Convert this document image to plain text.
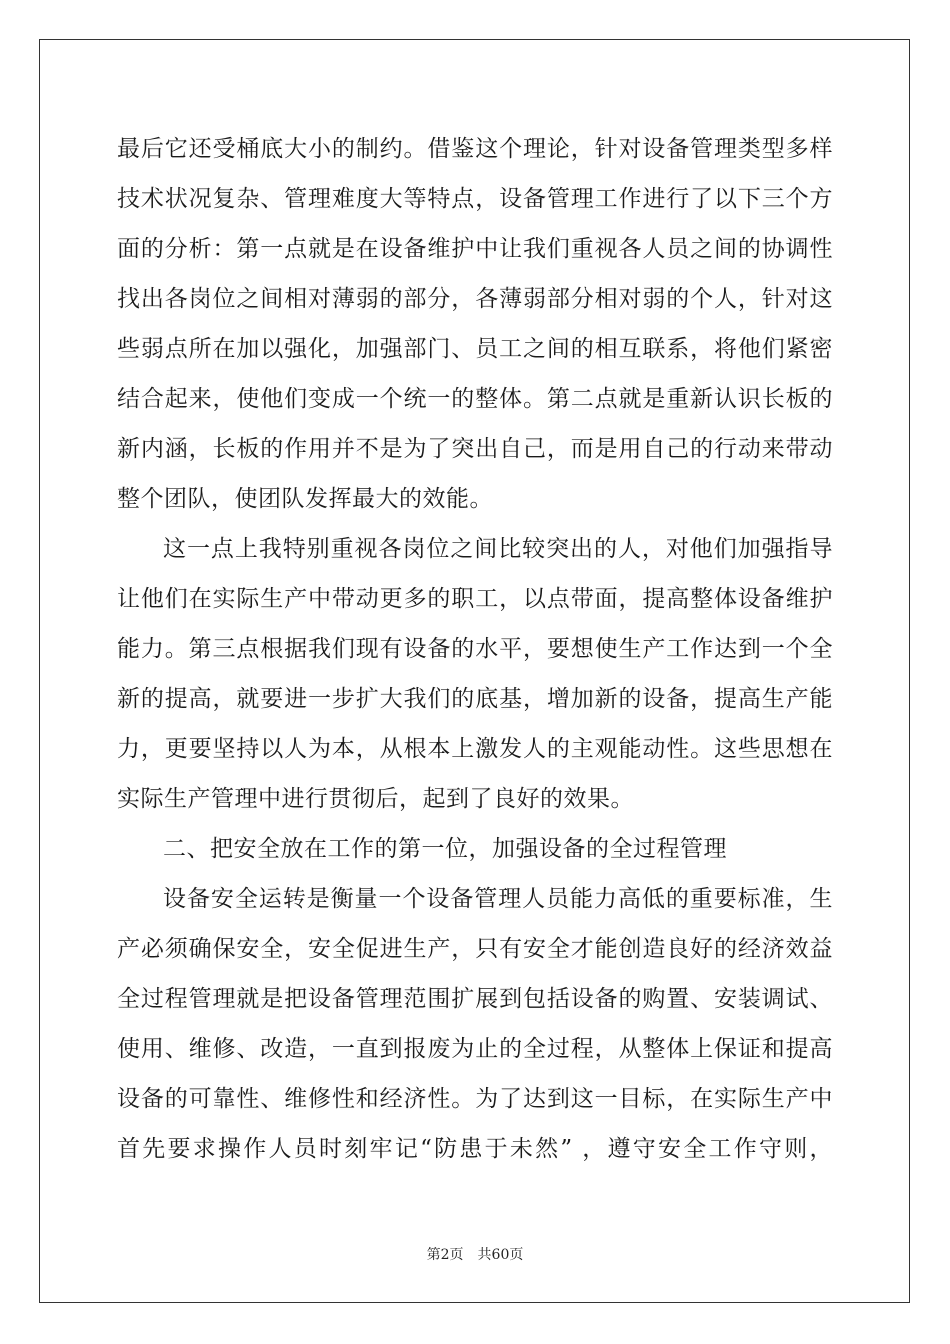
最后它还受桶底大小的制约。借鉴这个理论，针对设备管理类型多样
技术状况复杂、管理难度大等特点，设备管理工作进行了以下三个方
面的分析：第一点就是在设备维护中让我们重视各人员之间的协调性
找出各岗位之间相对薄弱的部分，各薄弱部分相对弱的个人，针对这
些弱点所在加以强化，加强部门、员工之间的相互联系，将他们紧密
结合起来，使他们变成一个统一的整体。第二点就是重新认识长板的
新内涵，长板的作用并不是为了突出自己，而是用自己的行动来带动
整个团队，使团队发挥最大的效能。
这一点上我特别重视各岗位之间比较突出的人，对他们加强指导
让他们在实际生产中带动更多的职工，以点带面，提高整体设备维护
能力。第三点根据我们现有设备的水平，要想使生产工作达到一个全
新的提高，就要进一步扩大我们的底基，增加新的设备，提高生产能
力，更要坚持以人为本，从根本上激发人的主观能动性。这些思想在
实际生产管理中进行贯彻后，起到了良好的效果。
二、把安全放在工作的第一位，加强设备的全过程管理
设备安全运转是衡量一个设备管理人员能力高低的重要标准，生
产必须确保安全，安全促进生产，只有安全才能创造良好的经济效益
全过程管理就是把设备管理范围扩展到包括设备的购置、安装调试、
使用、维修、改造，一直到报废为止的全过程，从整体上保证和提高
设备的可靠性、维修性和经济性。为了达到这一目标，在实际生产中
首先要求操作人员时刻牢记“防患于未然” ，遵守安全工作守则，
第2页 共60页
